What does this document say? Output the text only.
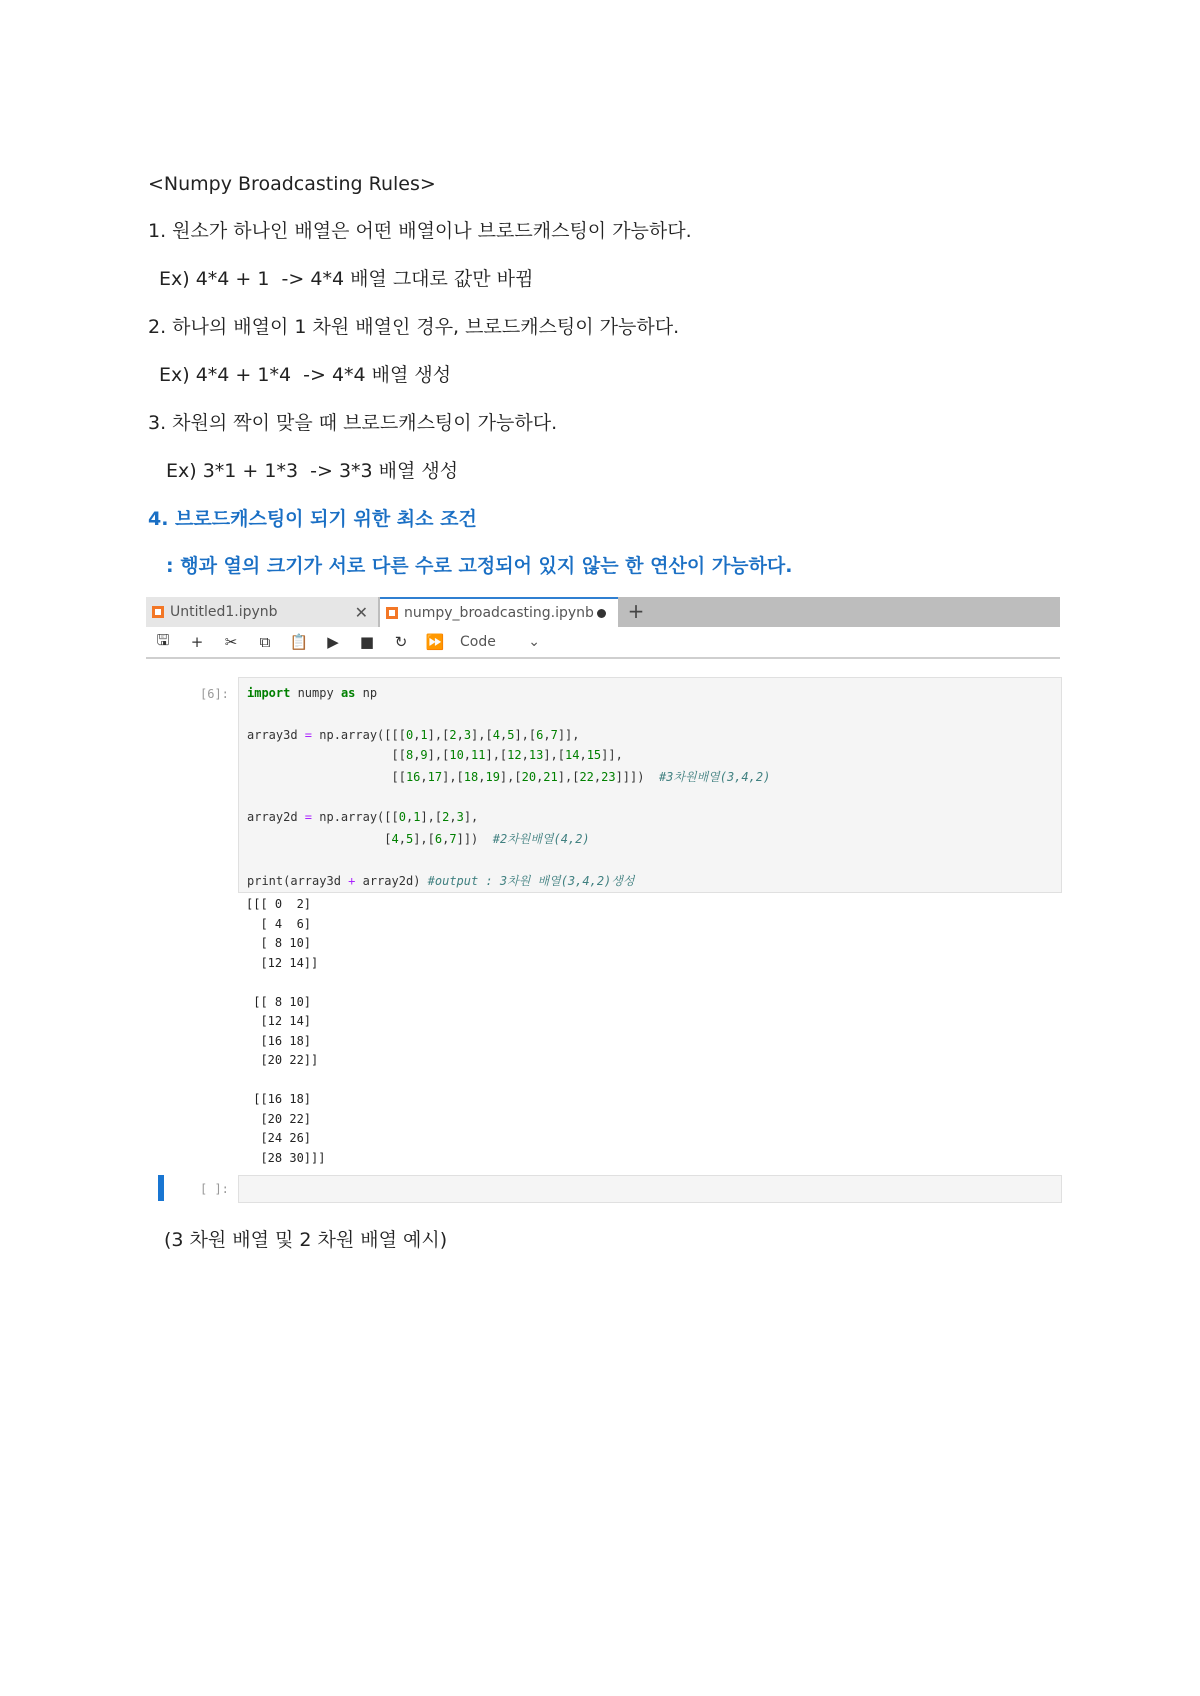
<Numpy Broadcasting Rules>
1. 원소가 하나인 배열은 어떤 배열이나 브로드캐스팅이 가능하다.
Ex) 4*4 + 1  -> 4*4 배열 그대로 값만 바뀜
2. 하나의 배열이 1 차원 배열인 경우, 브로드캐스팅이 가능하다.
Ex) 4*4 + 1*4  -> 4*4 배열 생성
3. 차원의 짝이 맞을 때 브로드캐스팅이 가능하다.
Ex) 3*1 + 1*3  -> 3*3 배열 생성
4. 브로드캐스팅이 되기 위한 최소 조건
: 행과 열의 크기가 서로 다른 수로 고정되어 있지 않는 한 연산이 가능하다.
Untitled1.ipynb	✕	numpy_broadcasting.ipynb +
🖫	+	✂	⧉	📋	▶	■	↻	⏩	Code ⌄
[6]: import numpy as np
array3d = np.array([[[0,1],[2,3],[4,5],[6,7]],
[[8,9],[10,11],[12,13],[14,15]],
[[16,17],[18,19],[20,21],[22,23]]])  #3차원배열(3,4,2)
array2d = np.array([[0,1],[2,3],
[4,5],[6,7]])  #2차원배열(4,2)
print(array3d + array2d) #output : 3차원 배열(3,4,2)생성
[[[ 0  2]
[ 4  6]
[ 8 10]
[12 14]]
[[ 8 10]
[12 14]
[16 18]
[20 22]]
[[16 18]
[20 22]
[24 26]
[28 30]]]
[ ]:
(3 차원 배열 및 2 차원 배열 예시)
